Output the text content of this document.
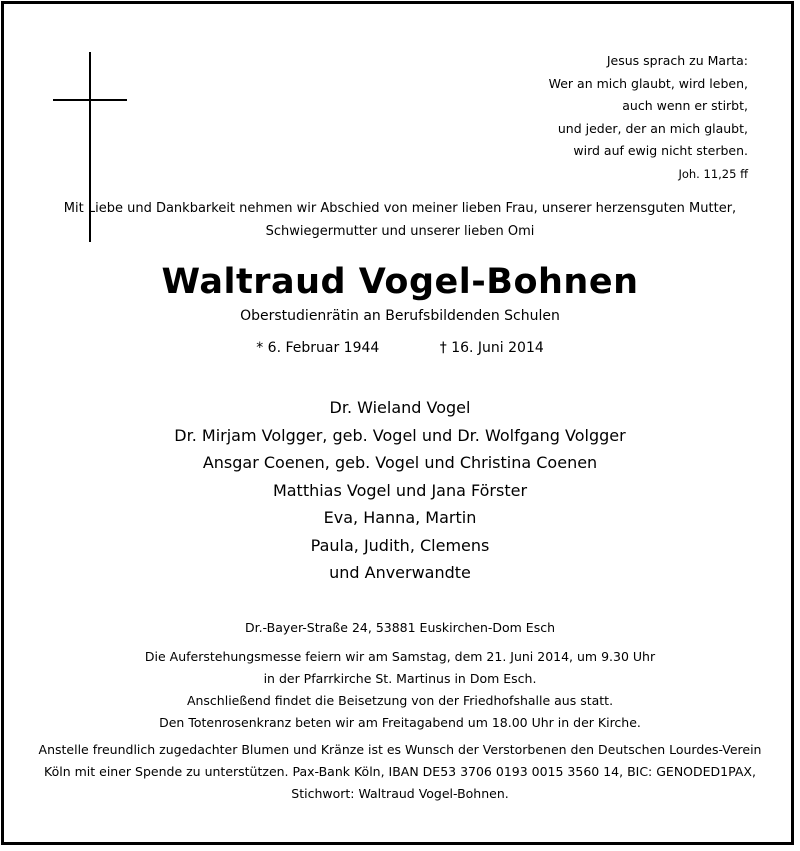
Jesus sprach zu Marta:
Wer an mich glaubt, wird leben,
auch wenn er stirbt,
und jeder, der an mich glaubt,
wird auf ewig nicht sterben.
Joh. 11,25 ff
Mit Liebe und Dankbarkeit nehmen wir Abschied von meiner lieben Frau, unserer herzensguten Mutter,
Schwiegermutter und unserer lieben Omi
Waltraud Vogel-Bohnen
Oberstudienrätin an Berufsbildenden Schulen
* 6. Februar 1944	† 16. Juni 2014
Dr. Wieland Vogel
Dr. Mirjam Volgger, geb. Vogel und Dr. Wolfgang Volgger
Ansgar Coenen, geb. Vogel und Christina Coenen
Matthias Vogel und Jana Förster
Eva, Hanna, Martin
Paula, Judith, Clemens
und Anverwandte
Dr.-Bayer-Straße 24, 53881 Euskirchen-Dom Esch
Die Auferstehungsmesse feiern wir am Samstag, dem 21. Juni 2014, um 9.30 Uhr
in der Pfarrkirche St. Martinus in Dom Esch.
Anschließend findet die Beisetzung von der Friedhofshalle aus statt.
Den Totenrosenkranz beten wir am Freitagabend um 18.00 Uhr in der Kirche.
Anstelle freundlich zugedachter Blumen und Kränze ist es Wunsch der Verstorbenen den Deutschen Lourdes-Verein
Köln mit einer Spende zu unterstützen. Pax-Bank Köln, IBAN DE53 3706 0193 0015 3560 14, BIC: GENODED1PAX,
Stichwort: Waltraud Vogel-Bohnen.
